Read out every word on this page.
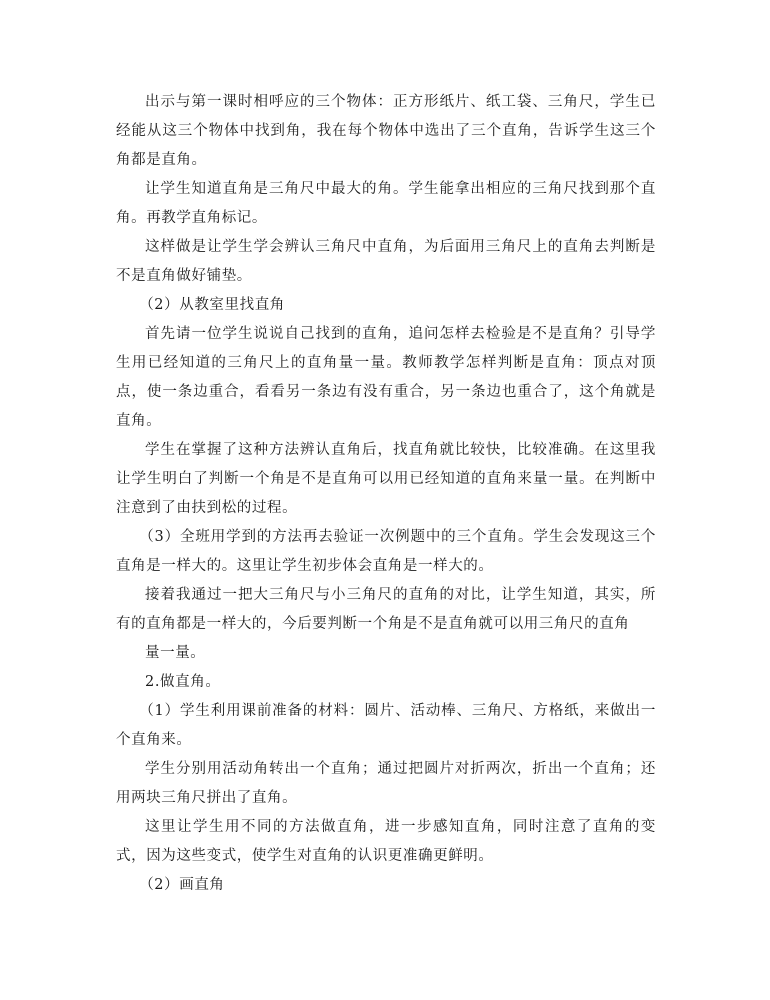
出示与第一课时相呼应的三个物体：正方形纸片、纸工袋、三角尺，学生已经能从这三个物体中找到角，我在每个物体中选出了三个直角，告诉学生这三个角都是直角。

让学生知道直角是三角尺中最大的角。学生能拿出相应的三角尺找到那个直角。再教学直角标记。

这样做是让学生学会辨认三角尺中直角，为后面用三角尺上的直角去判断是不是直角做好铺垫。

（2）从教室里找直角

首先请一位学生说说自己找到的直角，追问怎样去检验是不是直角？引导学生用已经知道的三角尺上的直角量一量。教师教学怎样判断是直角：顶点对顶点，使一条边重合，看看另一条边有没有重合，另一条边也重合了，这个角就是直角。

学生在掌握了这种方法辨认直角后，找直角就比较快，比较准确。在这里我让学生明白了判断一个角是不是直角可以用已经知道的直角来量一量。在判断中注意到了由扶到松的过程。

（3）全班用学到的方法再去验证一次例题中的三个直角。学生会发现这三个直角是一样大的。这里让学生初步体会直角是一样大的。

接着我通过一把大三角尺与小三角尺的直角的对比，让学生知道，其实，所有的直角都是一样大的，今后要判断一个角是不是直角就可以用三角尺的直角

量一量。

2.做直角。

（1）学生利用课前准备的材料：圆片、活动棒、三角尺、方格纸，来做出一个直角来。

学生分别用活动角转出一个直角；通过把圆片对折两次，折出一个直角；还用两块三角尺拼出了直角。

这里让学生用不同的方法做直角，进一步感知直角，同时注意了直角的变式，因为这些变式，使学生对直角的认识更准确更鲜明。

（2）画直角
